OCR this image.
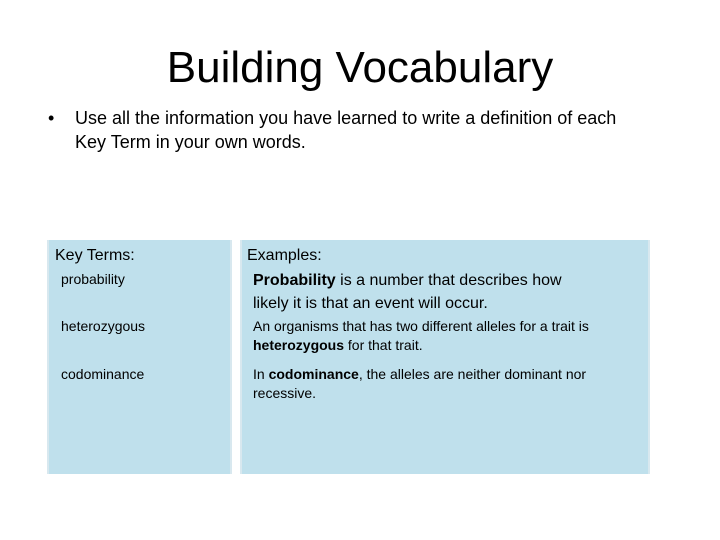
Building Vocabulary
• Use all the information you have learned to write a definition of each Key Term in your own words.
Key Terms:	Examples:
probability	Probability is a number that describes how
likely it is that an event will occur.
heterozygous	An organisms that has two different alleles for a trait is
heterozygous for that trait.
codominance	In codominance, the alleles are neither dominant nor
recessive.
